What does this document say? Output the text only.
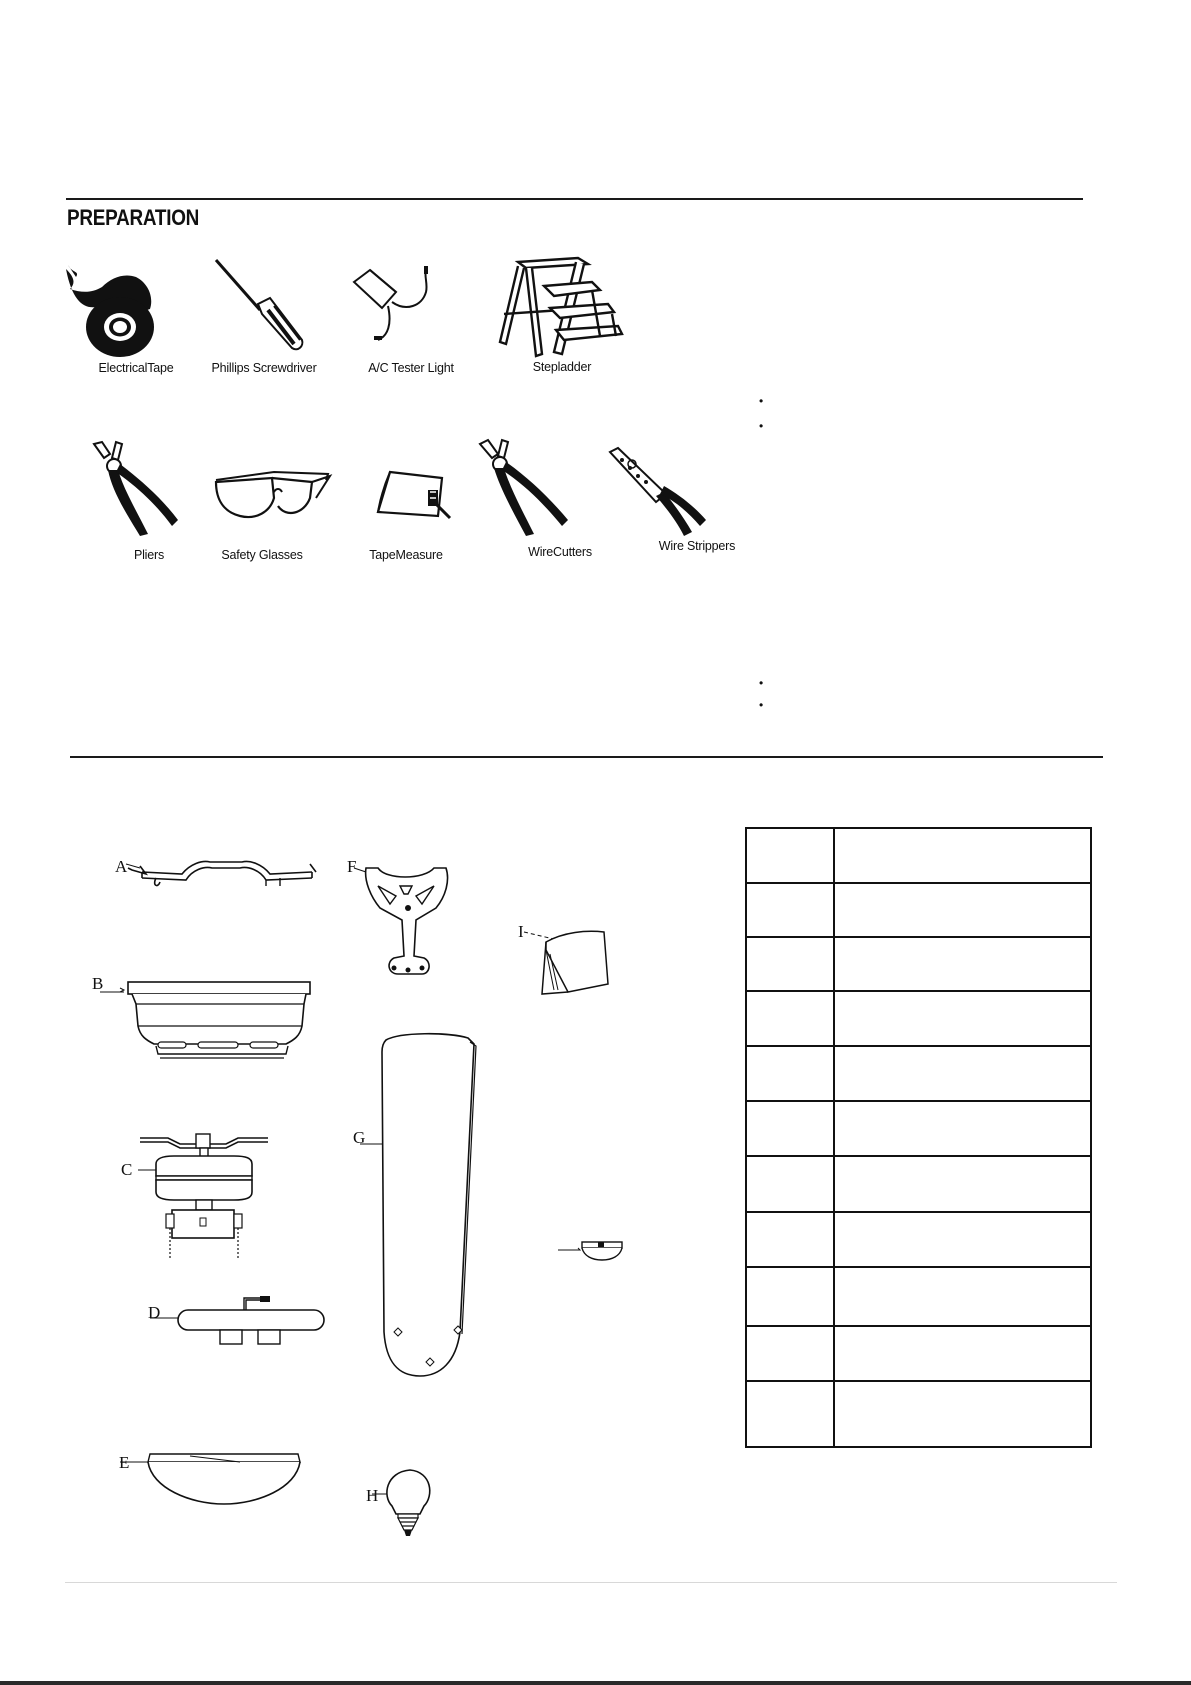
PREPARATION
ElectricalTape	Phillips Screwdriver	A/C Tester Light	Stepladder
Pliers	Safety Glasses	TapeMeasure	WireCutters	Wire Strippers
•
•
•
•
A
B
C
D
E
F
G
H
I
